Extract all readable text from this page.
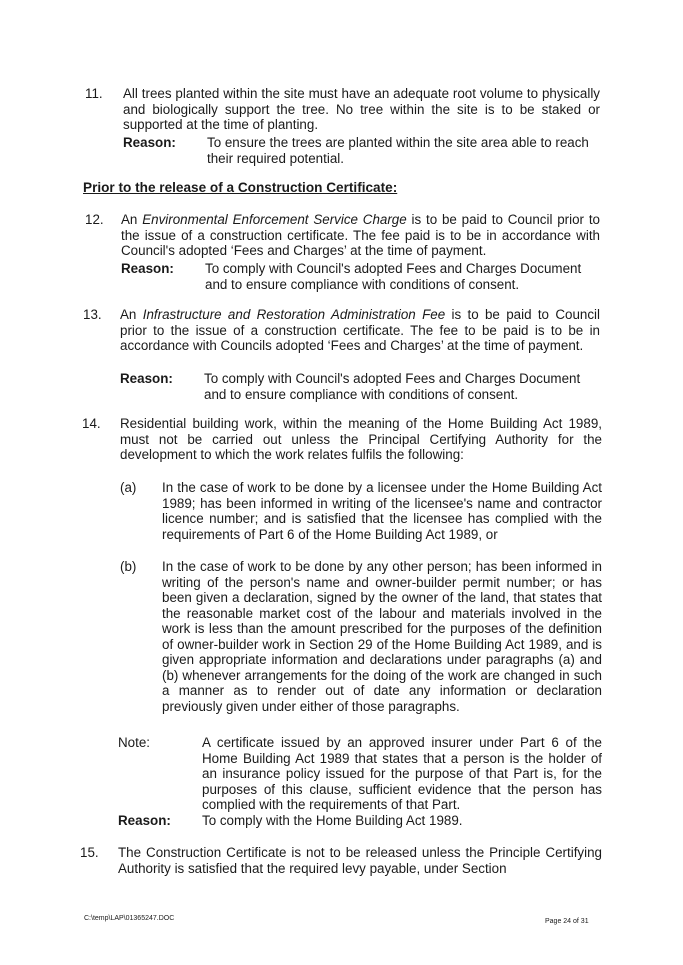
11. All trees planted within the site must have an adequate root volume to physically and biologically support the tree. No tree within the site is to be staked or supported at the time of planting.
Reason: To ensure the trees are planted within the site area able to reach their required potential.
Prior to the release of a Construction Certificate:
12. An Environmental Enforcement Service Charge is to be paid to Council prior to the issue of a construction certificate. The fee paid is to be in accordance with Council's adopted ‘Fees and Charges’ at the time of payment.
Reason: To comply with Council's adopted Fees and Charges Document and to ensure compliance with conditions of consent.
13. An Infrastructure and Restoration Administration Fee is to be paid to Council prior to the issue of a construction certificate. The fee to be paid is to be in accordance with Councils adopted ‘Fees and Charges’ at the time of payment.
Reason: To comply with Council's adopted Fees and Charges Document and to ensure compliance with conditions of consent.
14. Residential building work, within the meaning of the Home Building Act 1989, must not be carried out unless the Principal Certifying Authority for the development to which the work relates fulfils the following:
(a) In the case of work to be done by a licensee under the Home Building Act 1989; has been informed in writing of the licensee's name and contractor licence number; and is satisfied that the licensee has complied with the requirements of Part 6 of the Home Building Act 1989, or
(b) In the case of work to be done by any other person; has been informed in writing of the person's name and owner-builder permit number; or has been given a declaration, signed by the owner of the land, that states that the reasonable market cost of the labour and materials involved in the work is less than the amount prescribed for the purposes of the definition of owner-builder work in Section 29 of the Home Building Act 1989, and is given appropriate information and declarations under paragraphs (a) and (b) whenever arrangements for the doing of the work are changed in such a manner as to render out of date any information or declaration previously given under either of those paragraphs.
Note:	A certificate issued by an approved insurer under Part 6 of the Home Building Act 1989 that states that a person is the holder of an insurance policy issued for the purpose of that Part is, for the purposes of this clause, sufficient evidence that the person has complied with the requirements of that Part.
Reason: To comply with the Home Building Act 1989.
15. The Construction Certificate is not to be released unless the Principle Certifying Authority is satisfied that the required levy payable, under Section
C:\temp\LAP\01365247.DOC	Page 24 of 31
